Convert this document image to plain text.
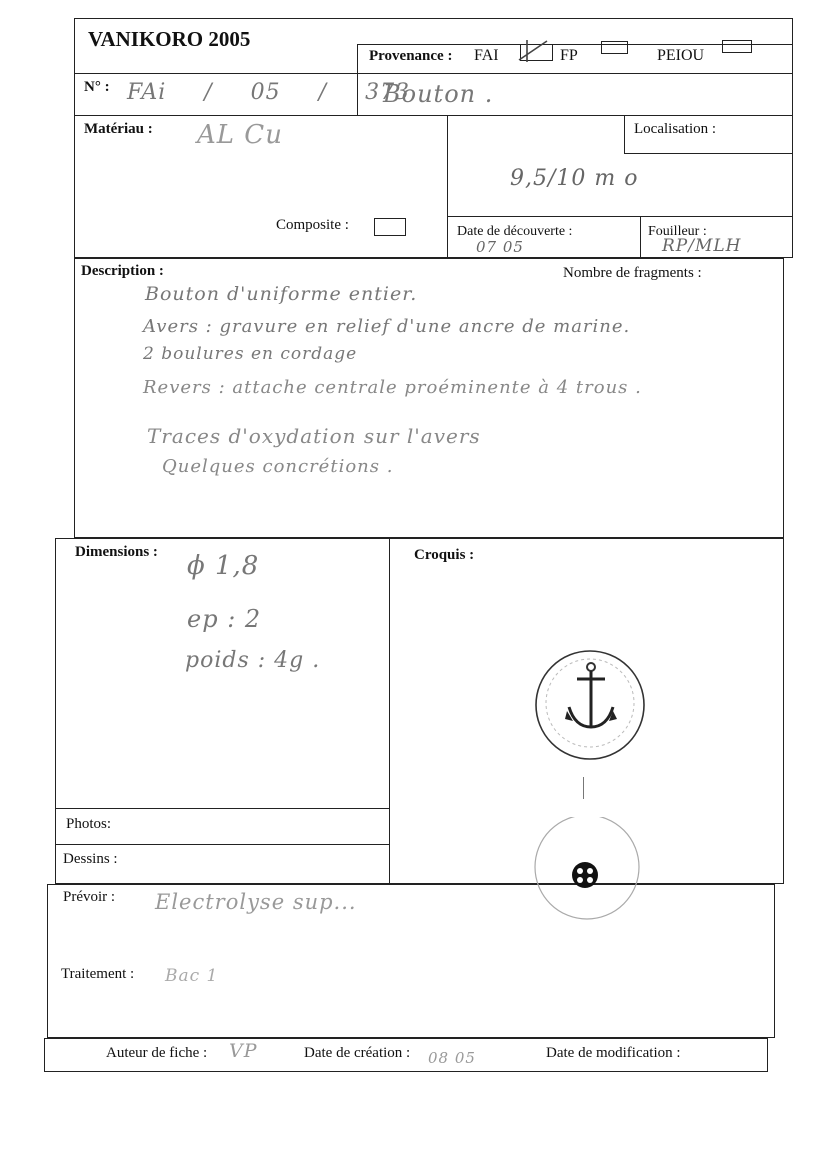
VANIKORO 2005
Provenance : FAI	FP	PEIOU
N° : FAi / 05 / 373
Bouton .
Matériau : AL Cu
Composite :
Localisation :
9,5/10 m o
Date de découverte :
07 05
Fouilleur :
RP/MLH
Description :	Nombre de fragments :
Bouton d'uniforme entier.
Avers : gravure en relief d'une ancre de marine.
2 boulures en cordage
Revers : attache centrale proéminente à 4 trous .
Traces d'oxydation sur l'avers
Quelques concrétions .
Dimensions : ϕ 1,8
ep : 2
poids : 4g .
Photos:
Dessins :
Croquis :
Prévoir : Electrolyse sup...
Traitement : Bac 1
Auteur de fiche : VP	Date de création : 08 05	Date de modification :
